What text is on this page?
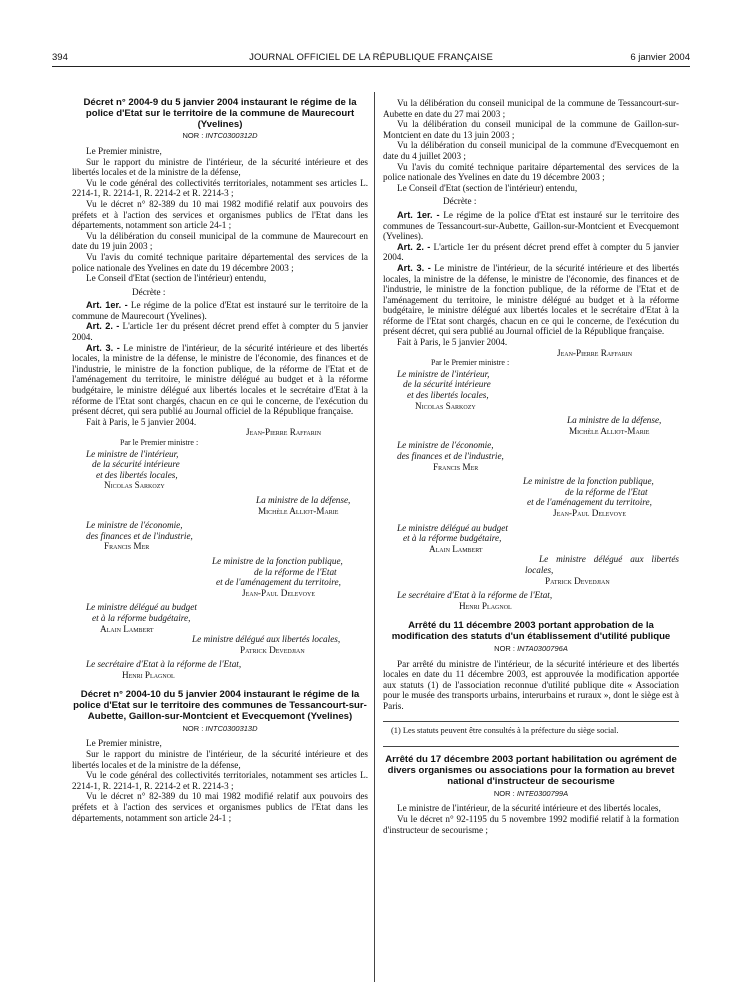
394	JOURNAL OFFICIEL DE LA RÉPUBLIQUE FRANÇAISE	6 janvier 2004
Décret n° 2004-9 du 5 janvier 2004 instaurant le régime de la police d'Etat sur le territoire de la commune de Maurecourt (Yvelines)
NOR : INTC0300312D

Le Premier ministre,

Sur le rapport du ministre de l'intérieur, de la sécurité intérieure et des libertés locales et de la ministre de la défense,

Vu le code général des collectivités territoriales, notamment ses articles L. 2214-1, R. 2214-1, R. 2214-2 et R. 2214-3 ;

Vu le décret n° 82-389 du 10 mai 1982 modifié relatif aux pouvoirs des préfets et à l'action des services et organismes publics de l'Etat dans les départements, notamment son article 24-1 ;

Vu la délibération du conseil municipal de la commune de Maurecourt en date du 19 juin 2003 ;

Vu l'avis du comité technique paritaire départemental des services de la police nationale des Yvelines en date du 19 décembre 2003 ;

Le Conseil d'Etat (section de l'intérieur) entendu,

Décrète :

Art. 1er. - Le régime de la police d'Etat est instauré sur le territoire de la commune de Maurecourt (Yvelines).

Art. 2. - L'article 1er du présent décret prend effet à compter du 5 janvier 2004.

Art. 3. - Le ministre de l'intérieur, de la sécurité intérieure et des libertés locales, la ministre de la défense, le ministre de l'économie, des finances et de l'industrie, le ministre de la fonction publique, de la réforme de l'Etat et de l'aménagement du territoire, le ministre délégué au budget et à la réforme budgétaire, le ministre délégué aux libertés locales et le secrétaire d'Etat à la réforme de l'Etat sont chargés, chacun en ce qui le concerne, de l'exécution du présent décret, qui sera publié au Journal officiel de la République française.

Fait à Paris, le 5 janvier 2004.

Jean-Pierre Raffarin

Par le Premier ministre :

Le ministre de l'intérieur,

de la sécurité intérieure

et des libertés locales,

Nicolas Sarkozy

La ministre de la défense,

Michèle Alliot-Marie

Le ministre de l'économie,

des finances et de l'industrie,

Francis Mer

Le ministre de la fonction publique,

de la réforme de l'Etat

et de l'aménagement du territoire,

Jean-Paul Delevoye

Le ministre délégué au budget

et à la réforme budgétaire,

Alain Lambert

Le ministre délégué aux libertés locales,

Patrick Devedjian

Le secrétaire d'Etat à la réforme de l'Etat,

Henri Plagnol

Décret n° 2004-10 du 5 janvier 2004 instaurant le régime de la police d'Etat sur le territoire des communes de Tessancourt-sur-Aubette, Gaillon-sur-Montcient et Evecquemont (Yvelines)
NOR : INTC0300313D

Le Premier ministre,

Sur le rapport du ministre de l'intérieur, de la sécurité intérieure et des libertés locales et de la ministre de la défense,

Vu le code général des collectivités territoriales, notamment ses articles L. 2214-1, R. 2214-1, R. 2214-2 et R. 2214-3 ;

Vu le décret n° 82-389 du 10 mai 1982 modifié relatif aux pouvoirs des préfets et à l'action des services et organismes publics de l'Etat dans les départements, notamment son article 24-1 ;

Vu la délibération du conseil municipal de la commune de Tessancourt-sur-Aubette en date du 27 mai 2003 ;

Vu la délibération du conseil municipal de la commune de Gaillon-sur-Montcient en date du 13 juin 2003 ;

Vu la délibération du conseil municipal de la commune d'Evecquemont en date du 4 juillet 2003 ;

Vu l'avis du comité technique paritaire départemental des services de la police nationale des Yvelines en date du 19 décembre 2003 ;

Le Conseil d'Etat (section de l'intérieur) entendu,

Décrète :

Art. 1er. - Le régime de la police d'Etat est instauré sur le territoire des communes de Tessancourt-sur-Aubette, Gaillon-sur-Montcient et Evecquemont (Yvelines).

Art. 2. - L'article 1er du présent décret prend effet à compter du 5 janvier 2004.

Art. 3. - Le ministre de l'intérieur, de la sécurité intérieure et des libertés locales, la ministre de la défense, le ministre de l'économie, des finances et de l'industrie, le ministre de la fonction publique, de la réforme de l'Etat et de l'aménagement du territoire, le ministre délégué au budget et à la réforme budgétaire, le ministre délégué aux libertés locales et le secrétaire d'Etat à la réforme de l'Etat sont chargés, chacun en ce qui le concerne, de l'exécution du présent décret, qui sera publié au Journal officiel de la République française.

Fait à Paris, le 5 janvier 2004.

Jean-Pierre Raffarin

Par le Premier ministre :

Le ministre de l'intérieur,

de la sécurité intérieure

et des libertés locales,

Nicolas Sarkozy

La ministre de la défense,

Michèle Alliot-Marie

Le ministre de l'économie,

des finances et de l'industrie,

Francis Mer

Le ministre de la fonction publique,

de la réforme de l'Etat

et de l'aménagement du territoire,

Jean-Paul Delevoye

Le ministre délégué au budget

et à la réforme budgétaire,

Alain Lambert

Le ministre délégué aux libertés locales,

Patrick Devedjian

Le secrétaire d'Etat à la réforme de l'Etat,

Henri Plagnol

Arrêté du 11 décembre 2003 portant approbation de la modification des statuts d'un établissement d'utilité publique
NOR : INTA0300796A

Par arrêté du ministre de l'intérieur, de la sécurité intérieure et des libertés locales en date du 11 décembre 2003, est approuvée la modification apportée aux statuts (1) de l'association reconnue d'utilité publique dite « Association pour le musée des transports urbains, interurbains et ruraux », dont le siège est à Paris.

(1) Les statuts peuvent être consultés à la préfecture du siège social.

Arrêté du 17 décembre 2003 portant habilitation ou agrément de divers organismes ou associations pour la formation au brevet national d'instructeur de secourisme
NOR : INTE0300799A

Le ministre de l'intérieur, de la sécurité intérieure et des libertés locales,

Vu le décret n° 92-1195 du 5 novembre 1992 modifié relatif à la formation d'instructeur de secourisme ;
